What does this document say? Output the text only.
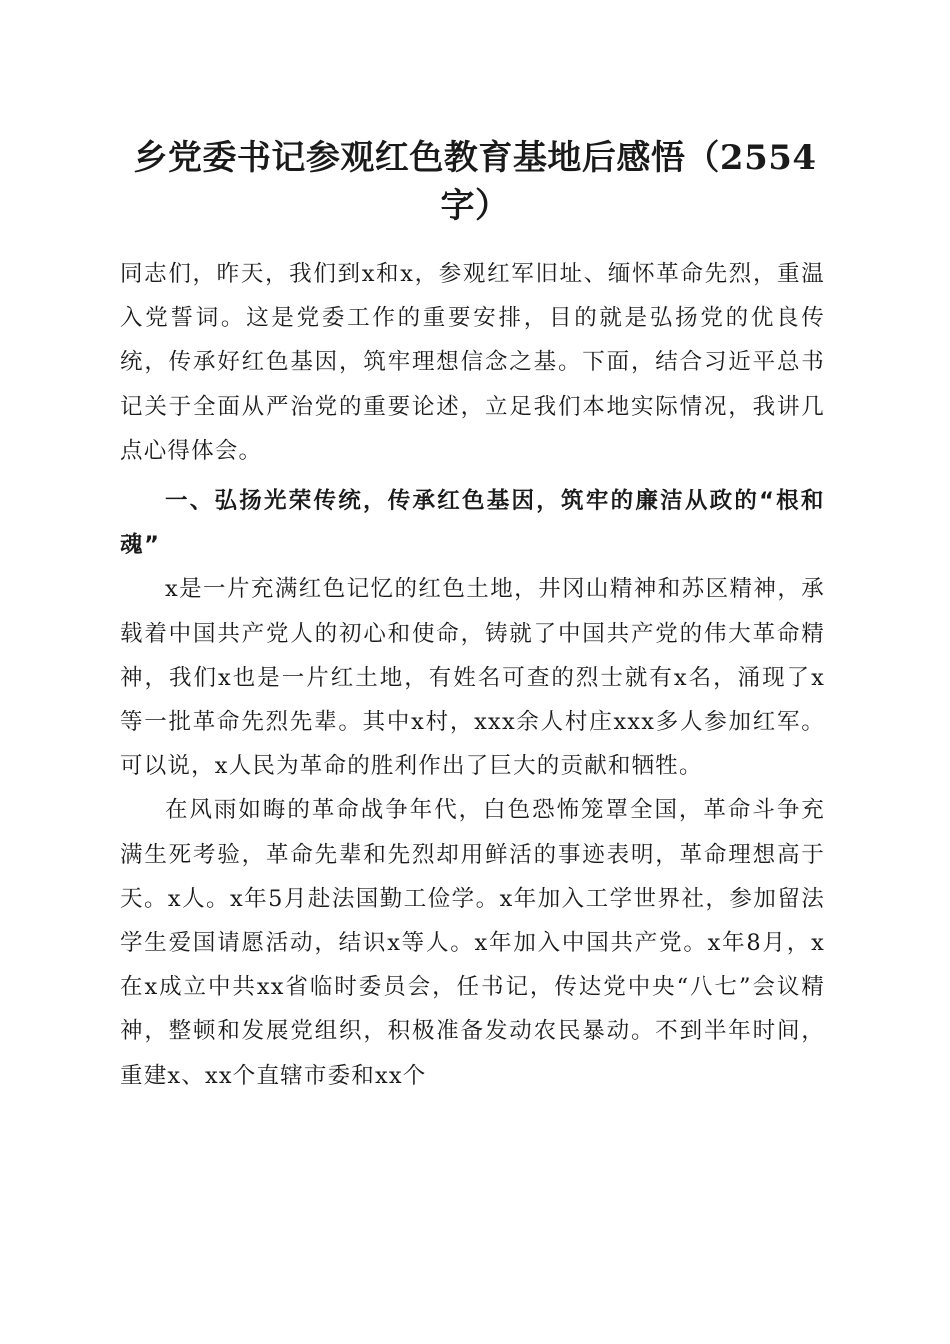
乡党委书记参观红色教育基地后感悟（2554字）

同志们，昨天，我们到x和x，参观红军旧址、缅怀革命先烈，重温入党誓词。这是党委工作的重要安排，目的就是弘扬党的优良传统，传承好红色基因，筑牢理想信念之基。下面，结合习近平总书记关于全面从严治党的重要论述，立足我们本地实际情况，我讲几点心得体会。

一、弘扬光荣传统，传承红色基因，筑牢的廉洁从政的“根和魂”

x是一片充满红色记忆的红色土地，井冈山精神和苏区精神，承载着中国共产党人的初心和使命，铸就了中国共产党的伟大革命精神，我们x也是一片红土地，有姓名可查的烈士就有x名，涌现了x等一批革命先烈先辈。其中x村，xxx余人村庄xxx多人参加红军。可以说，x人民为革命的胜利作出了巨大的贡献和牺牲。

在风雨如晦的革命战争年代，白色恐怖笼罩全国，革命斗争充满生死考验，革命先辈和先烈却用鲜活的事迹表明，革命理想高于天。x人。x年5月赴法国勤工俭学。x年加入工学世界社，参加留法学生爱国请愿活动，结识x等人。x年加入中国共产党。x年8月，x在x成立中共xx省临时委员会，任书记，传达党中央“八七”会议精神，整顿和发展党组织，积极准备发动农民暴动。不到半年时间，重建x、xx个直辖市委和xx个
